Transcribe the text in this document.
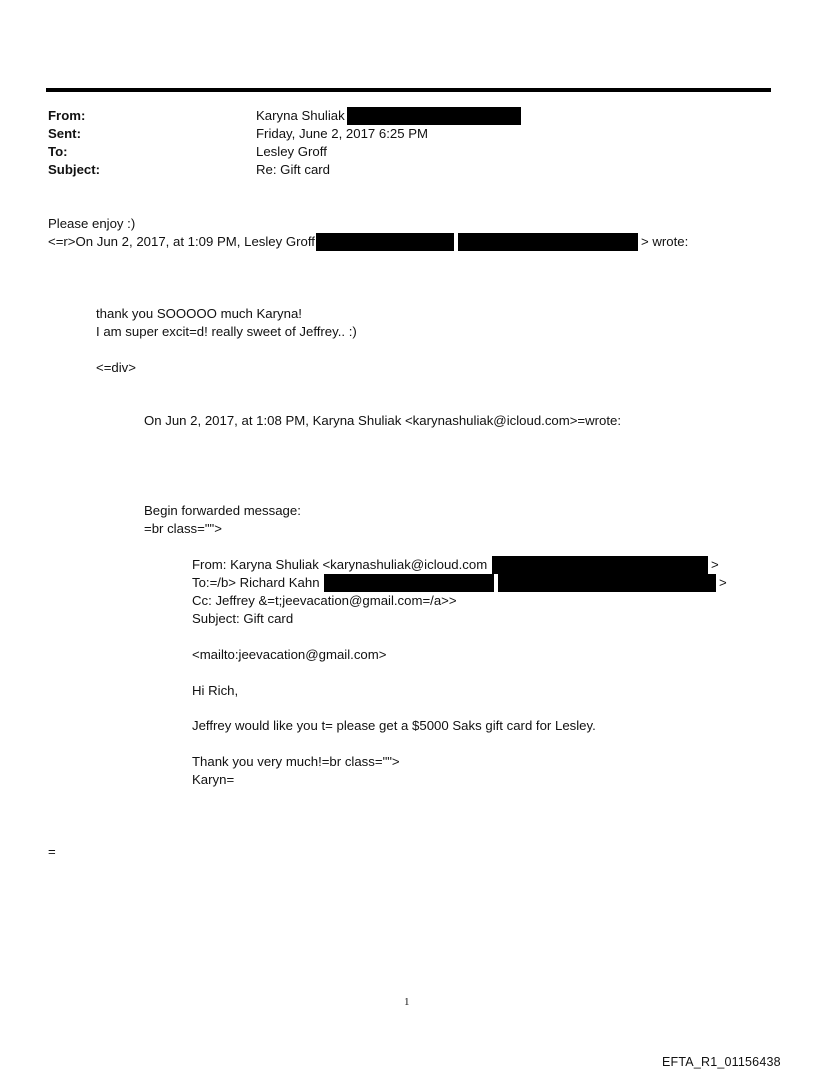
From:	Karyna Shuliak
Sent:	Friday, June 2, 2017 6:25 PM
To:	Lesley Groff
Subject:	Re: Gift card
Please enjoy :)
<=r>On Jun 2, 2017, at 1:09 PM, Lesley Groff	> wrote:
thank you SOOOOO much Karyna!
I am super excit=d! really sweet of Jeffrey.. :)
<=div>
On Jun 2, 2017, at 1:08 PM, Karyna Shuliak <karynashuliak@icloud.com>=wrote:
Begin forwarded message:
=br class="">
From: Karyna Shuliak <karynashuliak@icloud.com	>
To:=/b> Richard Kahn	>
Cc: Jeffrey &=t;jeevacation@gmail.com=/a>>
Subject: Gift card
<mailto:jeevacation@gmail.com>
Hi Rich,
Jeffrey would like you t= please get a $5000 Saks gift card for Lesley.
Thank you very much!=br class="">
Karyn=
=
1
EFTA_R1_01156438
